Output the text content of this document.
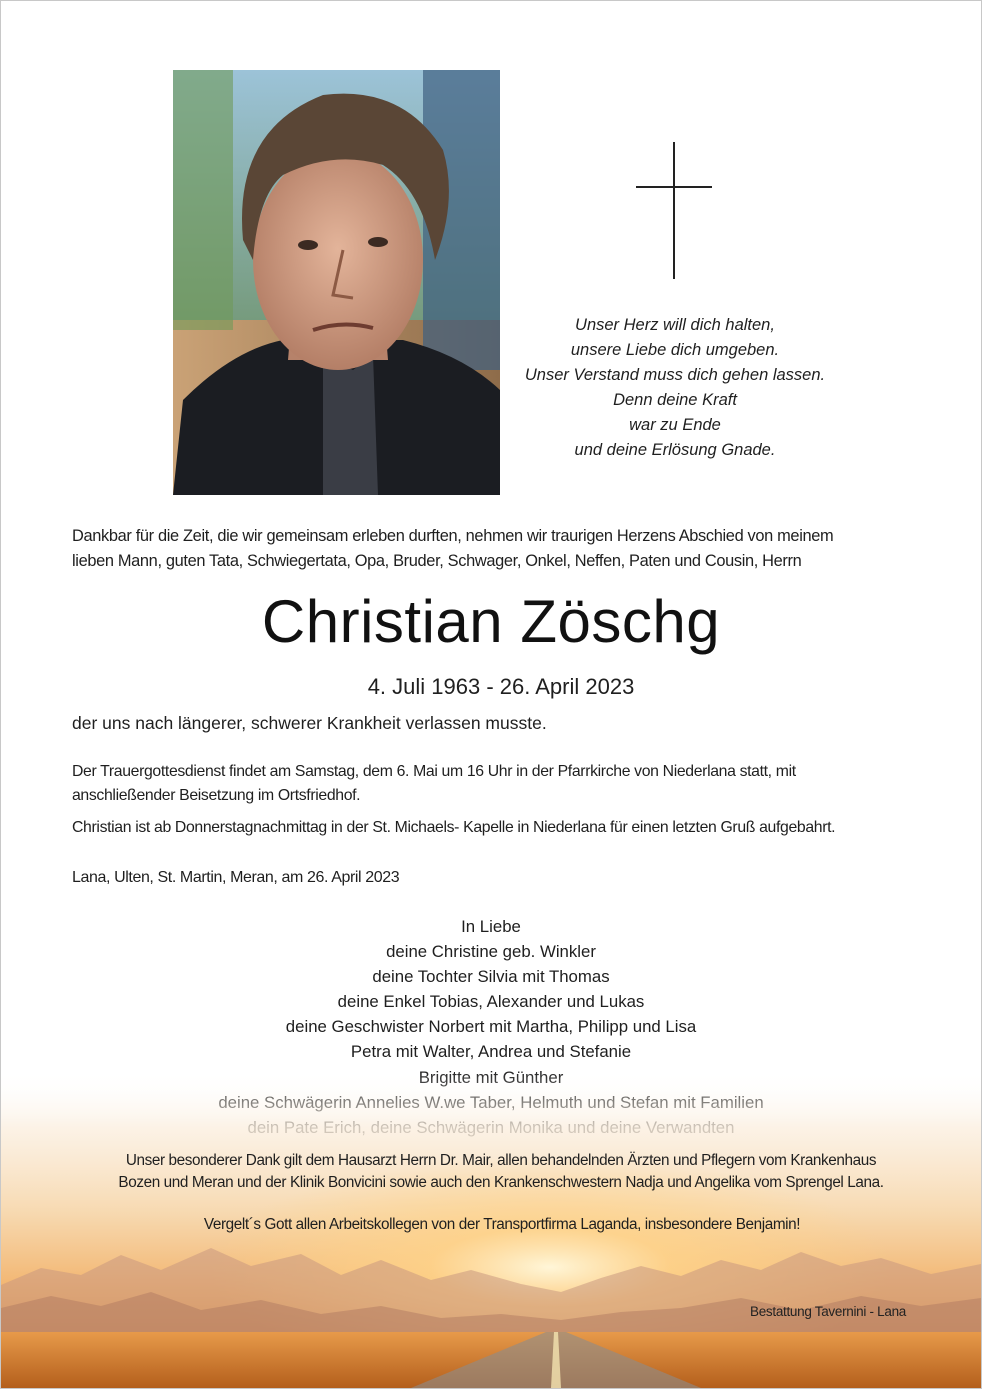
Unser Herz will dich halten,
unsere Liebe dich umgeben.
Unser Verstand muss dich gehen lassen.
Denn deine Kraft
war zu Ende
und deine Erlösung Gnade.
Dankbar für die Zeit, die wir gemeinsam erleben durften, nehmen wir traurigen Herzens Abschied von meinem
lieben Mann, guten Tata, Schwiegertata, Opa, Bruder, Schwager, Onkel, Neffen, Paten und Cousin, Herrn
Christian Zöschg
4. Juli 1963 - 26. April 2023
der uns nach längerer, schwerer Krankheit verlassen musste.
Der Trauergottesdienst findet am Samstag, dem 6. Mai um 16 Uhr in der Pfarrkirche von Niederlana statt, mit
anschließender Beisetzung im Ortsfriedhof.
Christian ist ab Donnerstagnachmittag in der St. Michaels- Kapelle in Niederlana für einen letzten Gruß aufgebahrt.
Lana, Ulten, St. Martin, Meran, am 26. April 2023
In Liebe
deine Christine geb. Winkler
deine Tochter Silvia mit Thomas
deine Enkel Tobias, Alexander und Lukas
deine Geschwister Norbert mit Martha, Philipp und Lisa
Petra mit Walter, Andrea und Stefanie
Unser besonderer Dank gilt dem Hausarzt Herrn Dr. Mair, allen behandelnden Ärzten und Pflegern vom Krankenhaus
Bozen und Meran und der Klinik Bonvicini sowie auch den Krankenschwestern Nadja und Angelika vom Sprengel Lana.
Vergelt´s Gott allen Arbeitskollegen von der Transportfirma Laganda, insbesondere Benjamin!
Bestattung Tavernini - Lana
